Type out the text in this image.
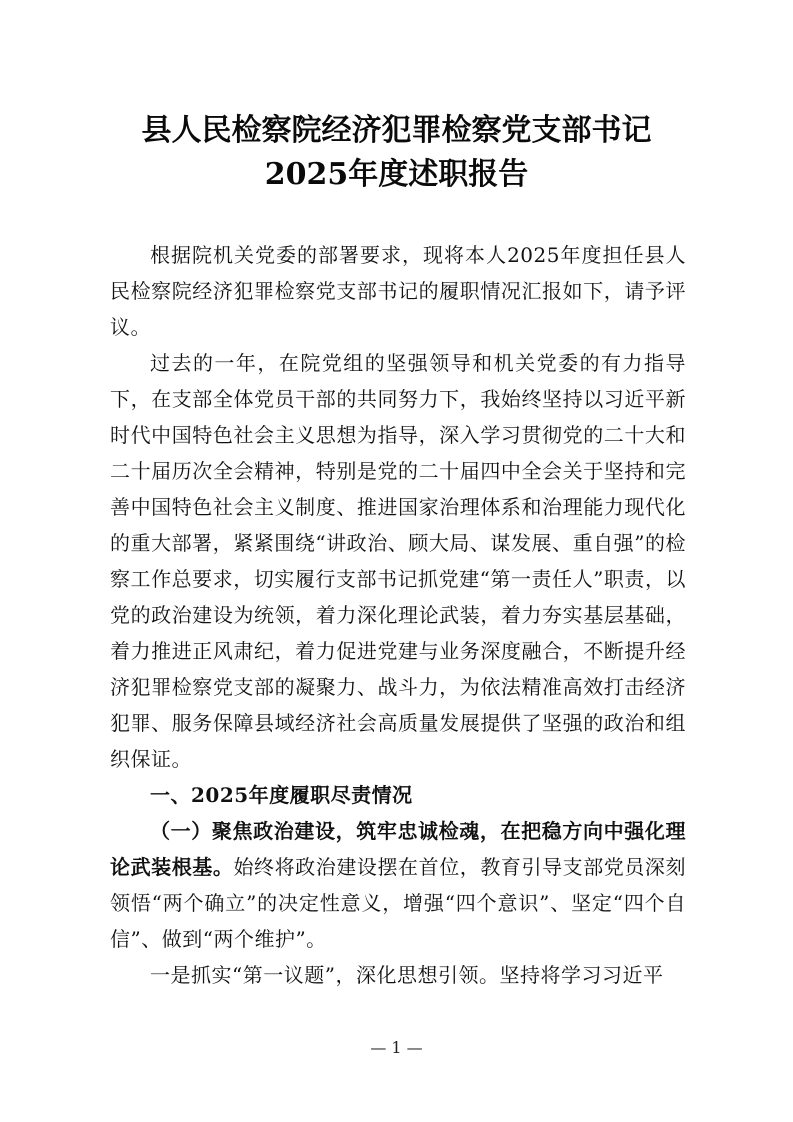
县人民检察院经济犯罪检察党支部书记
2025年度述职报告

根据院机关党委的部署要求，现将本人2025年度担任县人民检察院经济犯罪检察党支部书记的履职情况汇报如下，请予评议。

过去的一年，在院党组的坚强领导和机关党委的有力指导下，在支部全体党员干部的共同努力下，我始终坚持以习近平新时代中国特色社会主义思想为指导，深入学习贯彻党的二十大和二十届历次全会精神，特别是党的二十届四中全会关于坚持和完善中国特色社会主义制度、推进国家治理体系和治理能力现代化的重大部署，紧紧围绕“讲政治、顾大局、谋发展、重自强”的检察工作总要求，切实履行支部书记抓党建“第一责任人”职责，以党的政治建设为统领，着力深化理论武装，着力夯实基层基础，着力推进正风肃纪，着力促进党建与业务深度融合，不断提升经济犯罪检察党支部的凝聚力、战斗力，为依法精准高效打击经济犯罪、服务保障县域经济社会高质量发展提供了坚强的政治和组织保证。

一、2025年度履职尽责情况

（一）聚焦政治建设，筑牢忠诚检魂，在把稳方向中强化理论武装根基。始终将政治建设摆在首位，教育引导支部党员深刻领悟“两个确立”的决定性意义，增强“四个意识”、坚定“四个自信”、做到“两个维护”。

一是抓实“第一议题”，深化思想引领。坚持将学习习近平

— 1 —
